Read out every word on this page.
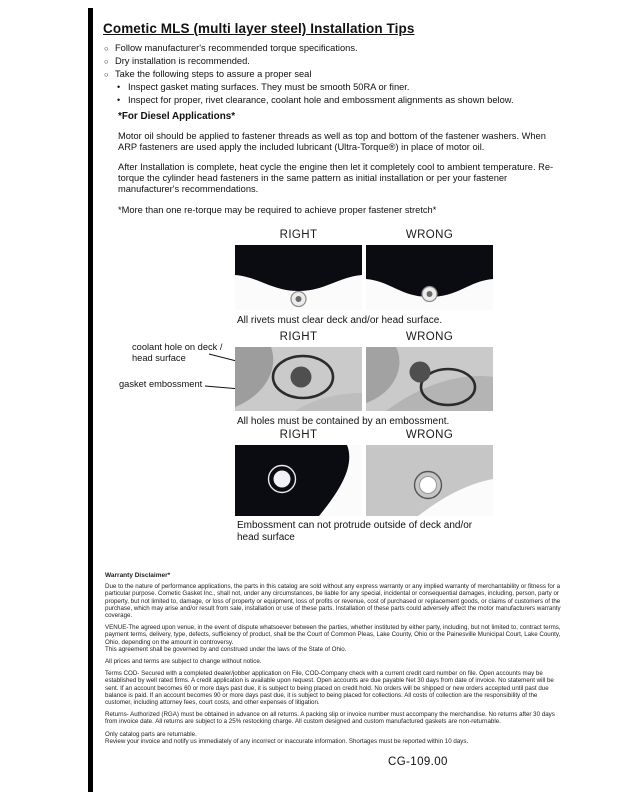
Cometic MLS (multi layer steel) Installation Tips
○ Follow manufacturer's recommended torque specifications.
○ Dry installation is recommended.
○ Take the following steps to assure a proper seal
• Inspect gasket mating surfaces. They must be smooth 50RA or finer.
• Inspect for proper, rivet clearance, coolant hole and embossment alignments as shown below.
*For Diesel Applications*

Motor oil should be applied to fastener threads as well as top and bottom of the fastener washers. When ARP fasteners are used apply the included lubricant (Ultra-Torque®) in place of motor oil.

After Installation is complete, heat cycle the engine then let it completely cool to ambient temperature. Re-torque the cylinder head fasteners in the same pattern as initial installation or per your fastener manufacturer's recommendations.

*More than one re-torque may be required to achieve proper fastener stretch*

RIGHT	WRONG
All rivets must clear deck and/or head surface.
RIGHT	WRONG
coolant hole on deck / head surface
gasket embossment
All holes must be contained by an embossment.
RIGHT	WRONG
Embossment can not protrude outside of deck and/or head surface
Warranty Disclaimer*

Due to the nature of performance applications, the parts in this catalog are sold without any express warranty or any implied warranty of merchantability or fitness for a particular purpose. Cometic Gasket Inc., shall not, under any circumstances, be liable for any special, incidental or consequential damages, including, person, party or property, but not limited to, damage, or loss of property or equipment, loss of profits or revenue, cost of purchased or replacement goods, or claims of customers of the purchase, which may arise and/or result from sale, installation or use of these parts. Installation of these parts could adversely affect the motor manufacturers warranty coverage.

VENUE-The agreed upon venue, in the event of dispute whatsoever between the parties, whether instituted by either party, including, but not limited to, contract terms, payment terms, delivery, type, defects, sufficiency of product, shall be the Court of Common Pleas, Lake County, Ohio or the Painesville Municipal Court, Lake County, Ohio, depending on the amount in controversy.

This agreement shall be governed by and construed under the laws of the State of Ohio.

All prices and terms are subject to change without notice.

Terms COD- Secured with a completed dealer/jobber application on File, COD-Company check with a current credit card number on file. Open accounts may be established by well rated firms. A credit application is available upon request. Open accounts are due payable Net 30 days from date of invoice. No statement will be sent. If an account becomes 60 or more days past due, it is subject to being placed on credit hold. No orders will be shipped or new orders accepted until past due balance is paid. If an account becomes 90 or more days past due, it is subject to being placed for collections. All costs of collection are the responsibility of the customer, including attorney fees, court costs, and other expenses of litigation.

Returns- Authorized (RGA) must be obtained in advance on all returns. A packing slip or invoice number must accompany the merchandise. No returns after 30 days from invoice date. All returns are subject to a 25% restocking charge. All custom designed and custom manufactured gaskets are non-returnable.

Only catalog parts are returnable.

Review your invoice and notify us immediately of any incorrect or inaccurate information. Shortages must be reported within 10 days.

CG-109.00
